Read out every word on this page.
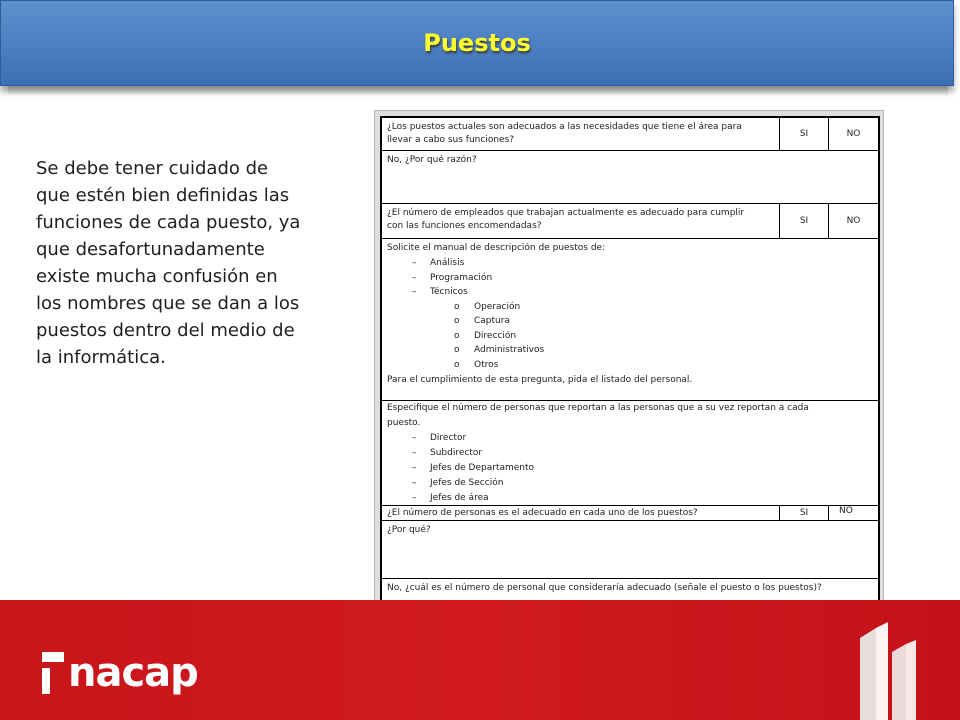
Puestos
Se debe tener cuidado de
que estén bien definidas las
funciones de cada puesto, ya
que desafortunadamente
existe mucha confusión en
los nombres que se dan a los
puestos dentro del medio de
la informática.
¿Los puestos actuales son adecuados a las necesidades que tiene el área para
llevar a cabo sus funciones?
SI	NO
No, ¿Por qué razón?
¿El número de empleados que trabajan actualmente es adecuado para cumplir
con las funciones encomendadas?	SI	NO
Solicite el manual de descripción de puestos de:
– Análisis
– Programación
– Técnicos
o Operación
o Captura
o Dirección
o Administrativos
o Otros
Para el cumplimiento de esta pregunta, pida el listado del personal.
Especifique el número de personas que reportan a las personas que a su vez reportan a cada
puesto.
– Director
– Subdirector
– Jefes de Departamento
– Jefes de Sección
– Jefes de área
¿El número de personas es el adecuado en cada uno de los puestos?	SI	NO
¿Por qué?
No, ¿cuál es el número de personal que consideraría adecuado (señale el puesto o los puestos)?
nacap
